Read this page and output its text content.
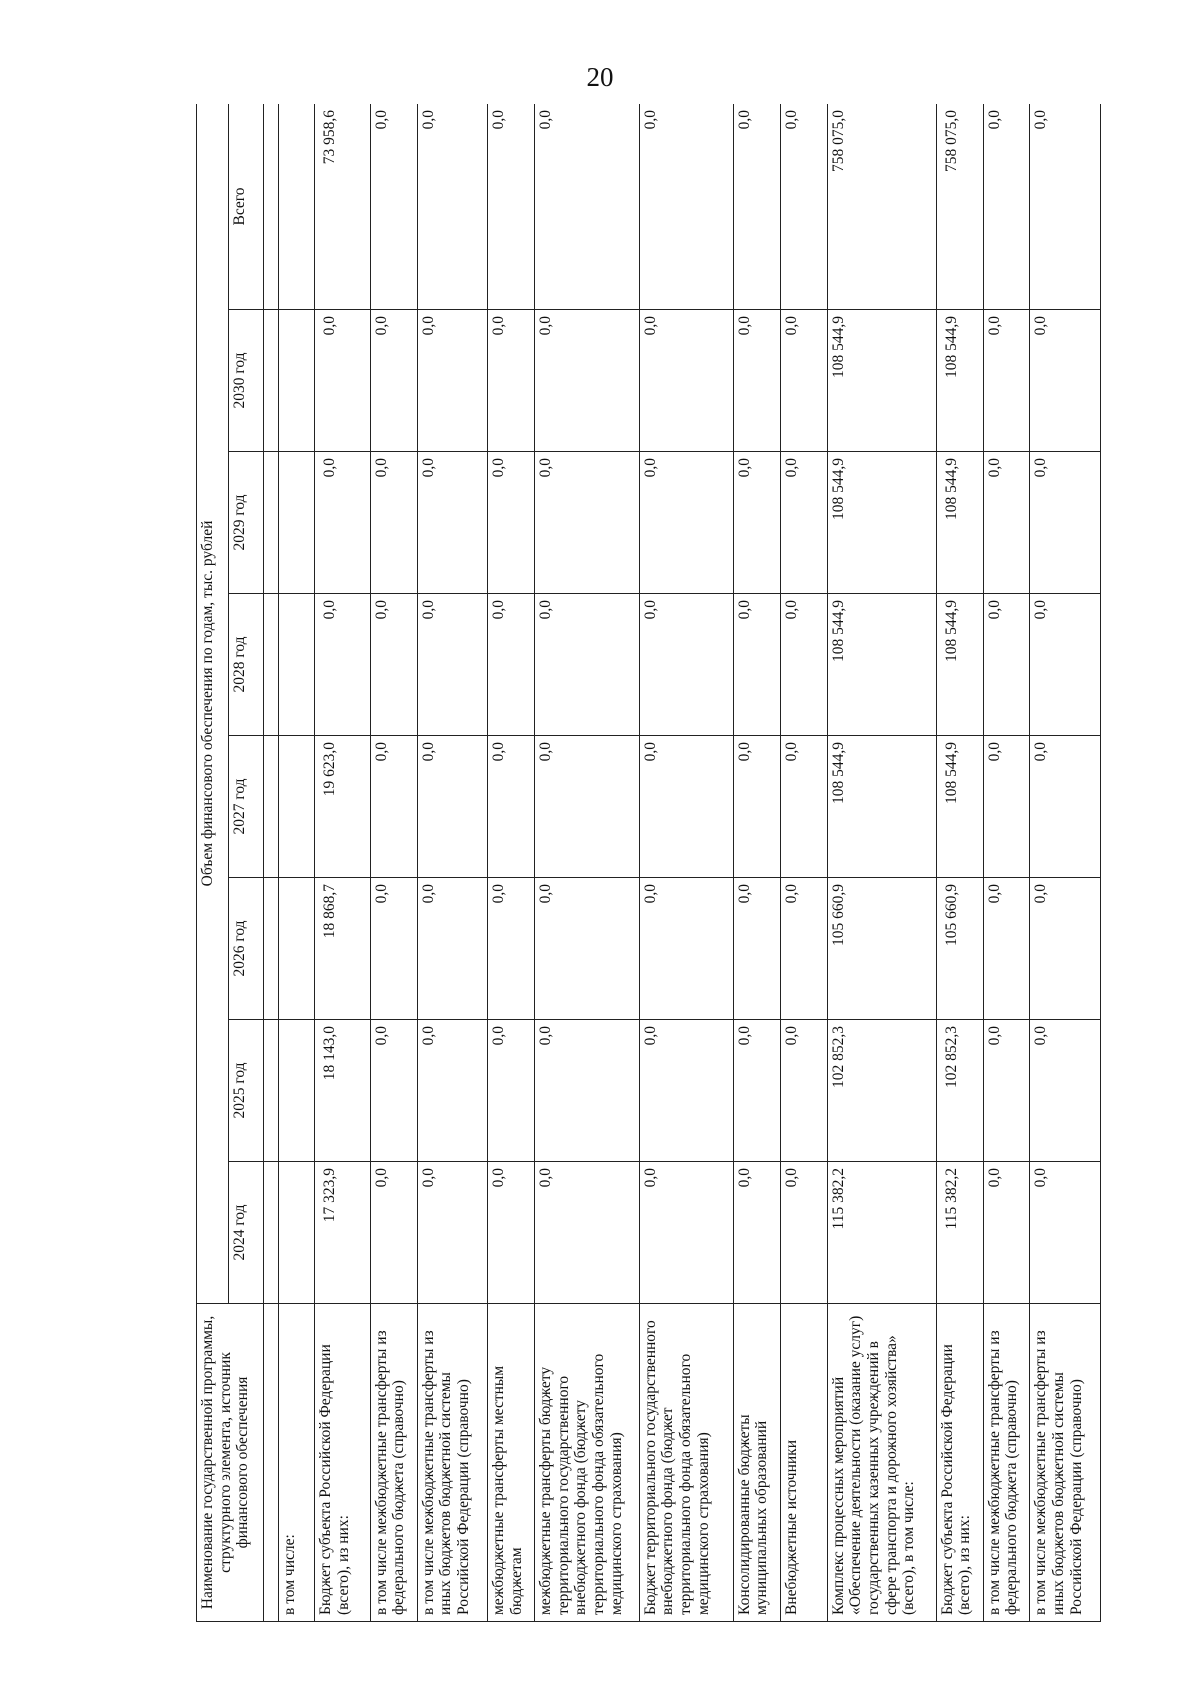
20
Наименование государственной программы, структурного элемента, источник финансового обеспечения	Объем финансового обеспечения по годам, тыс. рублей							
	2024 год	2025 год	2026 год	2027 год	2028 год	2029 год	2030 год	Всего

в том числе:								
Бюджет субъекта Российской Федерации (всего), из них:	17 323,9	18 143,0	18 868,7	19 623,0	0,0	0,0	0,0	73 958,6
в том числе межбюджетные трансферты из федерального бюджета (справочно)	0,0	0,0	0,0	0,0	0,0	0,0	0,0	0,0
в том числе межбюджетные трансферты из иных бюджетов бюджетной системы Российской Федерации (справочно)	0,0	0,0	0,0	0,0	0,0	0,0	0,0	0,0
межбюджетные трансферты местным бюджетам	0,0	0,0	0,0	0,0	0,0	0,0	0,0	0,0
межбюджетные трансферты бюджету территориального государственного внебюджетного фонда (бюджету территориального фонда обязательного медицинского страхования)	0,0	0,0	0,0	0,0	0,0	0,0	0,0	0,0
Бюджет территориального государственного внебюджетного фонда (бюджет территориального фонда обязательного медицинского страхования)	0,0	0,0	0,0	0,0	0,0	0,0	0,0	0,0
Консолидированные бюджеты муниципальных образований	0,0	0,0	0,0	0,0	0,0	0,0	0,0	0,0
Внебюджетные источники	0,0	0,0	0,0	0,0	0,0	0,0	0,0	0,0
Комплекс процессных мероприятий «Обеспечение деятельности (оказание услуг) государственных казенных учреждений в сфере транспорта и дорожного хозяйства» (всего), в том числе:	115 382,2	102 852,3	105 660,9	108 544,9	108 544,9	108 544,9	108 544,9	758 075,0
Бюджет субъекта Российской Федерации (всего), из них:	115 382,2	102 852,3	105 660,9	108 544,9	108 544,9	108 544,9	108 544,9	758 075,0
в том числе межбюджетные трансферты из федерального бюджета (справочно)	0,0	0,0	0,0	0,0	0,0	0,0	0,0	0,0
в том числе межбюджетные трансферты из иных бюджетов бюджетной системы Российской Федерации (справочно)	0,0	0,0	0,0	0,0	0,0	0,0	0,0	0,0
